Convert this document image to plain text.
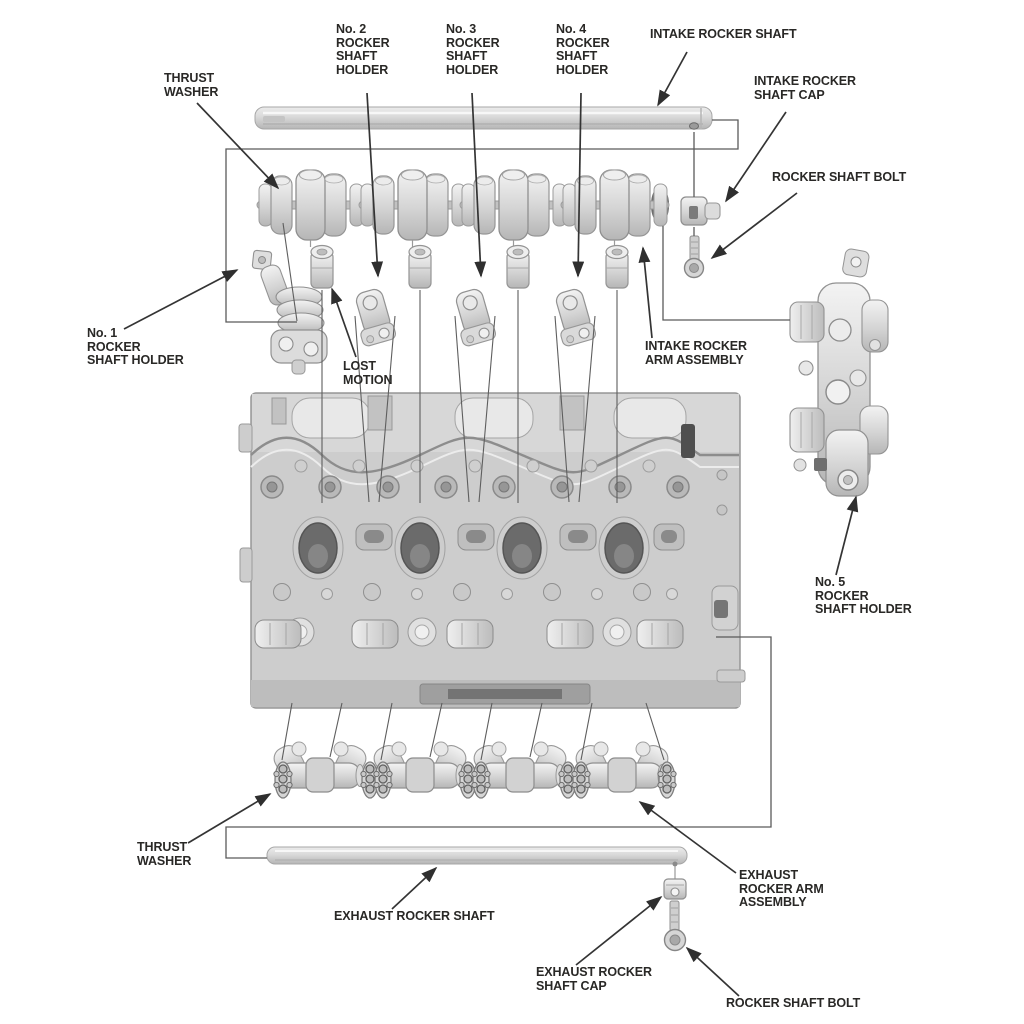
No. 2
ROCKER
SHAFT
HOLDER
No. 3
ROCKER
SHAFT
HOLDER
No. 4
ROCKER
SHAFT
HOLDER
INTAKE ROCKER SHAFT
THRUST
WASHER
INTAKE ROCKER
SHAFT CAP
ROCKER SHAFT BOLT
No. 1
ROCKER
SHAFT HOLDER	LOST
MOTION
INTAKE ROCKER
ARM ASSEMBLY
No. 5
ROCKER
SHAFT HOLDER
THRUST
WASHER
EXHAUST ROCKER SHAFT
EXHAUST
ROCKER ARM
ASSEMBLY
EXHAUST ROCKER
SHAFT CAP
ROCKER SHAFT BOLT
